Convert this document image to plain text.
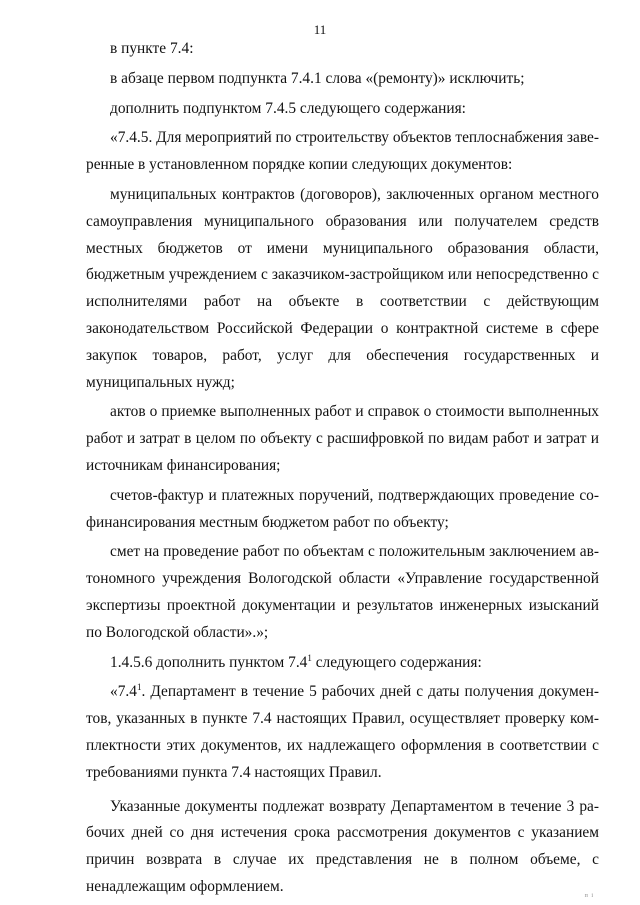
11

в пункте 7.4:

в абзаце первом подпункта 7.4.1 слова «(ремонту)» исключить;

дополнить подпунктом 7.4.5 следующего содержания:

«7.4.5. Для мероприятий по строительству объектов теплоснабжения заверенные в установленном порядке копии следующих документов:

муниципальных контрактов (договоров), заключенных органом местного самоуправления муниципального образования или получателем средств местных бюджетов от имени муниципального образования области, бюджетным учреждением с заказчиком-застройщиком или непосредственно с исполнителями работ на объекте в соответствии с действующим законодательством Российской Федерации о контрактной системе в сфере закупок товаров, работ, услуг для обеспечения государственных и муниципальных нужд;

актов о приемке выполненных работ и справок о стоимости выполненных работ и затрат в целом по объекту с расшифровкой по видам работ и затрат и источникам финансирования;

счетов-фактур и платежных поручений, подтверждающих проведение софинансирования местным бюджетом работ по объекту;

смет на проведение работ по объектам с положительным заключением автономного учреждения Вологодской области «Управление государственной экспертизы проектной документации и результатов инженерных изысканий по Вологодской области».»;

1.4.5.6 дополнить пунктом $7.4^1$ следующего содержания:

«$7.4^1$. Департамент в течение 5 рабочих дней с даты получения документов, указанных в пункте 7.4 настоящих Правил, осуществляет проверку комплектности этих документов, их надлежащего оформления в соответствии с требованиями пункта 7.4 настоящих Правил.

Указанные документы подлежат возврату Департаментом в течение 3 рабочих дней со дня истечения срока рассмотрения документов с указанием причин возврата в случае их представления не в полном объеме, с ненадлежащим оформлением.

п і
